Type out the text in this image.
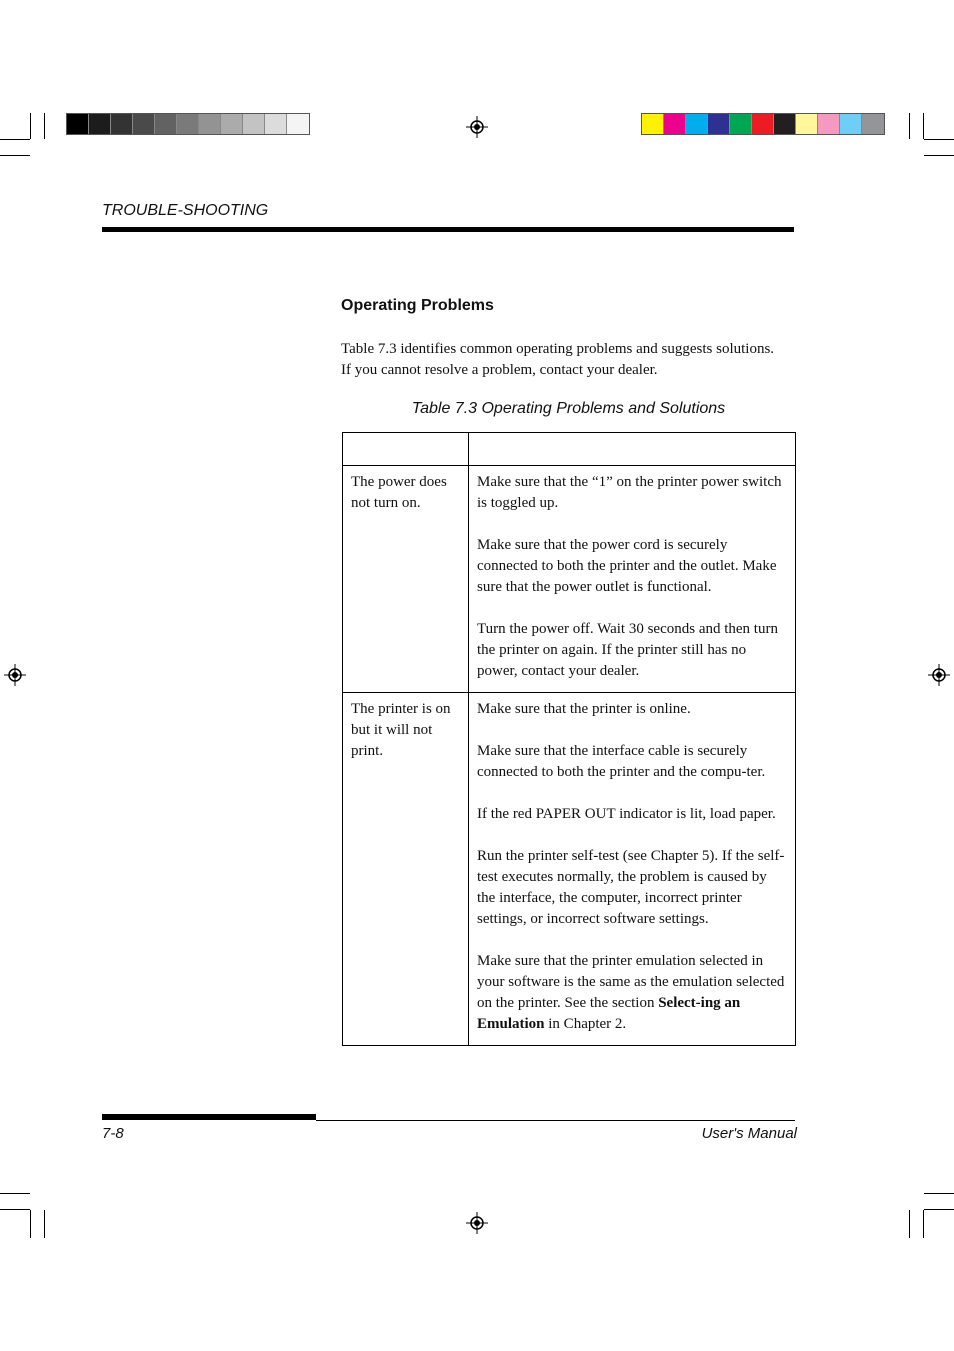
TROUBLE-SHOOTING
Operating Problems

Table 7.3 identifies common operating problems and suggests solutions. If you cannot resolve a problem, contact your dealer.

Table 7.3 Operating Problems and Solutions

The power does not turn on.	Make sure that the “1” on the printer power switch is toggled up.

Make sure that the power cord is securely connected to both the printer and the outlet. Make sure that the power outlet is functional.

Turn the power off. Wait 30 seconds and then turn the printer on again. If the printer still has no power, contact your dealer.

The printer is on but it will not print.	Make sure that the printer is online.

Make sure that the interface cable is securely connected to both the printer and the compu-ter.

If the red PAPER OUT indicator is lit, load paper.

Run the printer self-test (see Chapter 5). If the self-test executes normally, the problem is caused by the interface, the computer, incorrect printer settings, or incorrect software settings.

Make sure that the printer emulation selected in your software is the same as the emulation selected on the printer. See the section Select-ing an Emulation in Chapter 2.

7-8	User's Manual
